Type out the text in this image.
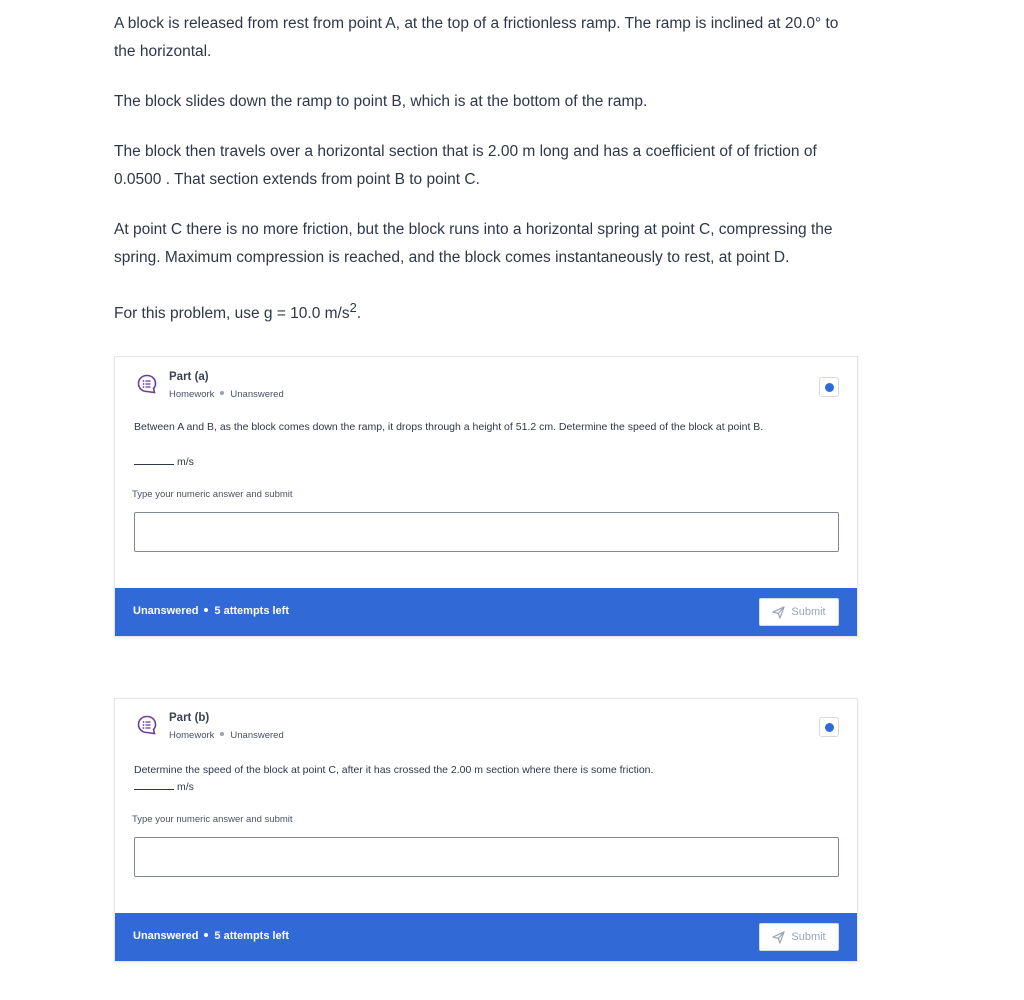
A block is released from rest from point A, at the top of a frictionless ramp. The ramp is inclined at 20.0° to the horizontal.

The block slides down the ramp to point B, which is at the bottom of the ramp.

The block then travels over a horizontal section that is 2.00 m long and has a coefficient of of friction of 0.0500 . That section extends from point B to point C.

At point C there is no more friction, but the block runs into a horizontal spring at point C, compressing the spring. Maximum compression is reached, and the block comes instantaneously to rest, at point D.

For this problem, use g = 10.0 $m/s^2$.

Part (a)
Homework Unanswered
Between A and B, as the block comes down the ramp, it drops through a height of 51.2 cm. Determine the speed of the block at point B.
m/s
Type your numeric answer and submit
Unanswered 5 attempts left	Submit
Part (b)
Homework Unanswered
Determine the speed of the block at point C, after it has crossed the 2.00 m section where there is some friction.
m/s
Type your numeric answer and submit
Unanswered 5 attempts left	Submit
